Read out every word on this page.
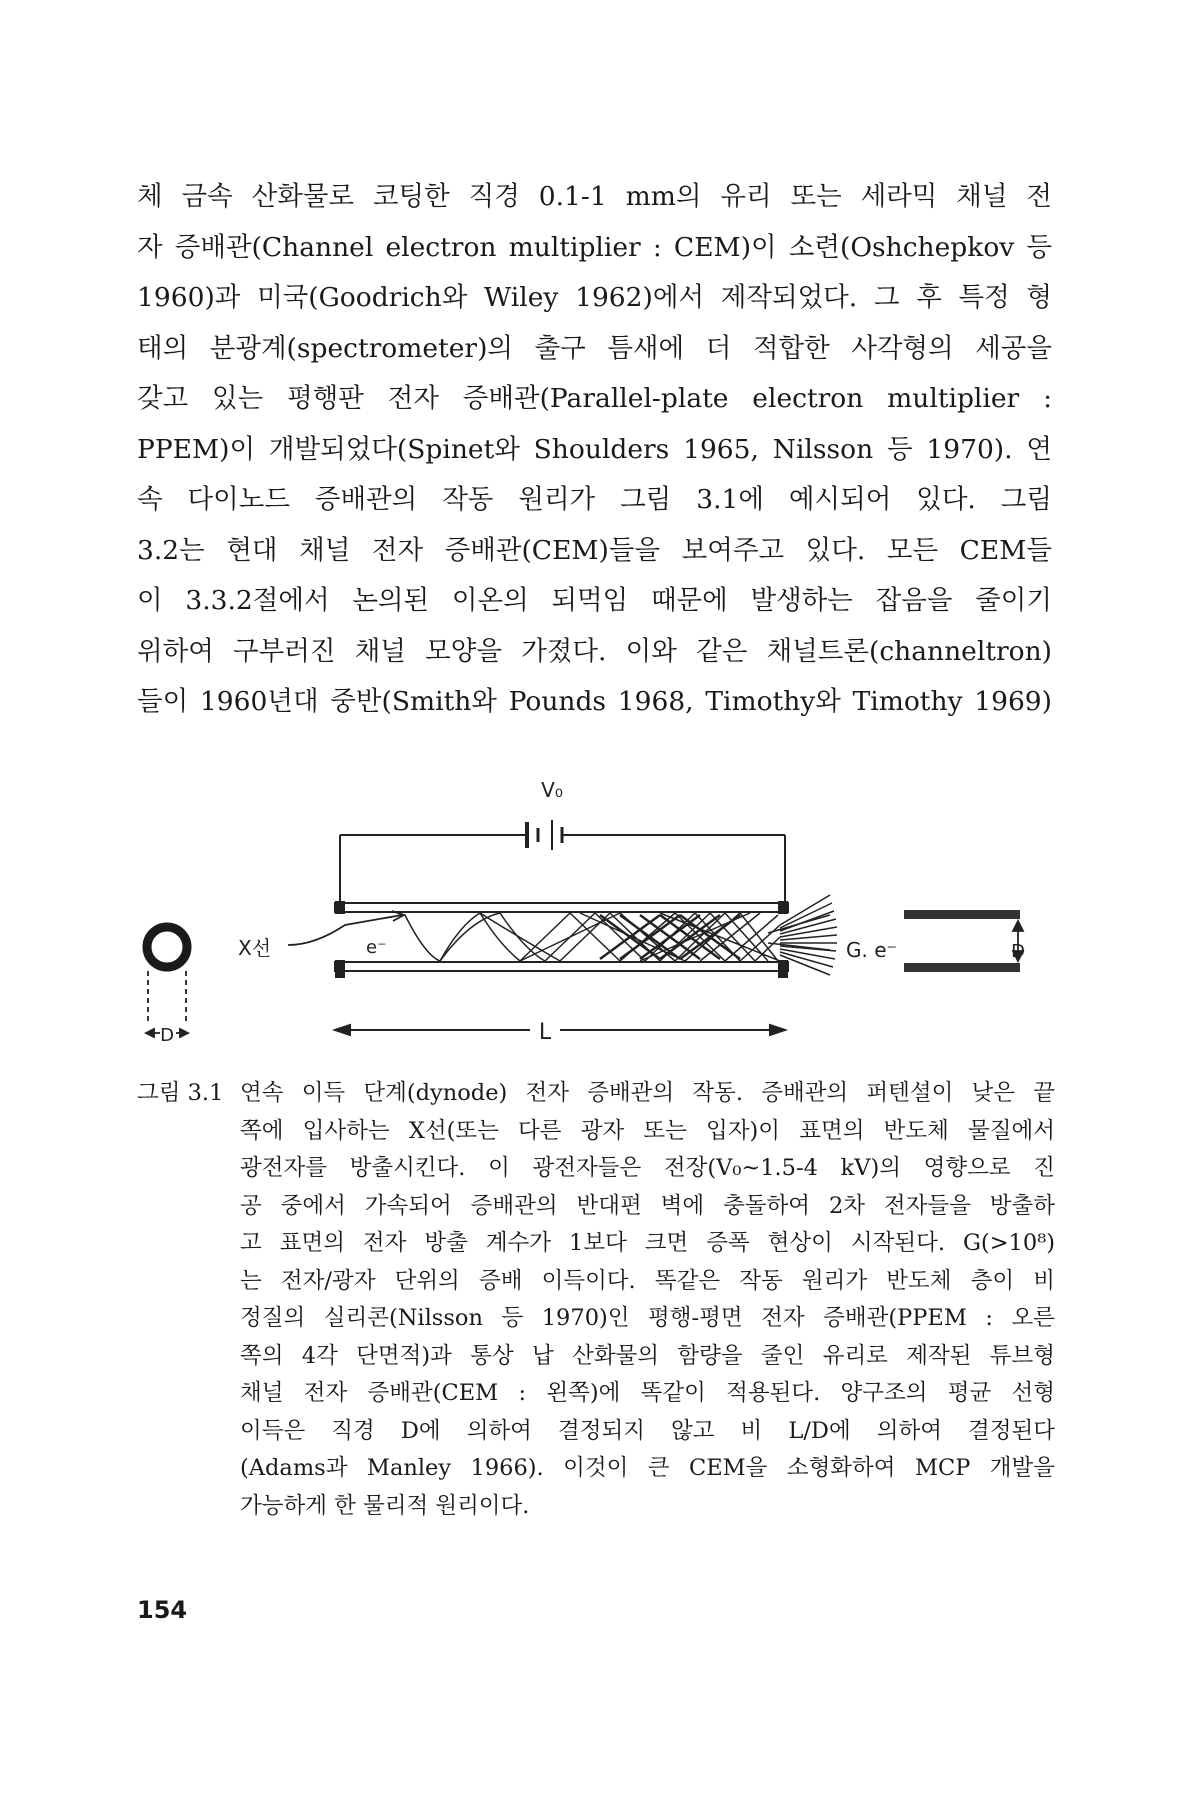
체 금속 산화물로 코팅한 직경 0.1-1 mm의 유리 또는 세라믹 채널 전
자 증배관(Channel electron multiplier : CEM)이 소련(Oshchepkov 등
1960)과 미국(Goodrich와 Wiley 1962)에서 제작되었다. 그 후 특정 형
태의 분광계(spectrometer)의 출구 틈새에 더 적합한 사각형의 세공을
갖고 있는 평행판 전자 증배관(Parallel-plate electron multiplier :
PPEM)이 개발되었다(Spinet와 Shoulders 1965, Nilsson 등 1970). 연
속 다이노드 증배관의 작동 원리가 그림 3.1에 예시되어 있다. 그림
3.2는 현대 채널 전자 증배관(CEM)들을 보여주고 있다. 모든 CEM들
이 3.3.2절에서 논의된 이온의 되먹임 때문에 발생하는 잡음을 줄이기
위하여 구부러진 채널 모양을 가졌다. 이와 같은 채널트론(channeltron)
들이 1960년대 중반(Smith와 Pounds 1968, Timothy와 Timothy 1969)
V₀
X선	e⁻	G. e⁻
L
D
D
그림 3.1 연속 이득 단계(dynode) 전자 증배관의 작동. 증배관의 퍼텐셜이 낮은 끝
쪽에 입사하는 X선(또는 다른 광자 또는 입자)이 표면의 반도체 물질에서
광전자를 방출시킨다. 이 광전자들은 전장(V₀~1.5-4 kV)의 영향으로 진
공 중에서 가속되어 증배관의 반대편 벽에 충돌하여 2차 전자들을 방출하
고 표면의 전자 방출 계수가 1보다 크면 증폭 현상이 시작된다. G(>10⁸)
는 전자/광자 단위의 증배 이득이다. 똑같은 작동 원리가 반도체 층이 비
정질의 실리콘(Nilsson 등 1970)인 평행-평면 전자 증배관(PPEM : 오른
쪽의 4각 단면적)과 통상 납 산화물의 함량을 줄인 유리로 제작된 튜브형
채널 전자 증배관(CEM : 왼쪽)에 똑같이 적용된다. 양구조의 평균 선형
이득은 직경 D에 의하여 결정되지 않고 비 L/D에 의하여 결정된다
(Adams과 Manley 1966). 이것이 큰 CEM을 소형화하여 MCP 개발을
가능하게 한 물리적 원리이다.
154
